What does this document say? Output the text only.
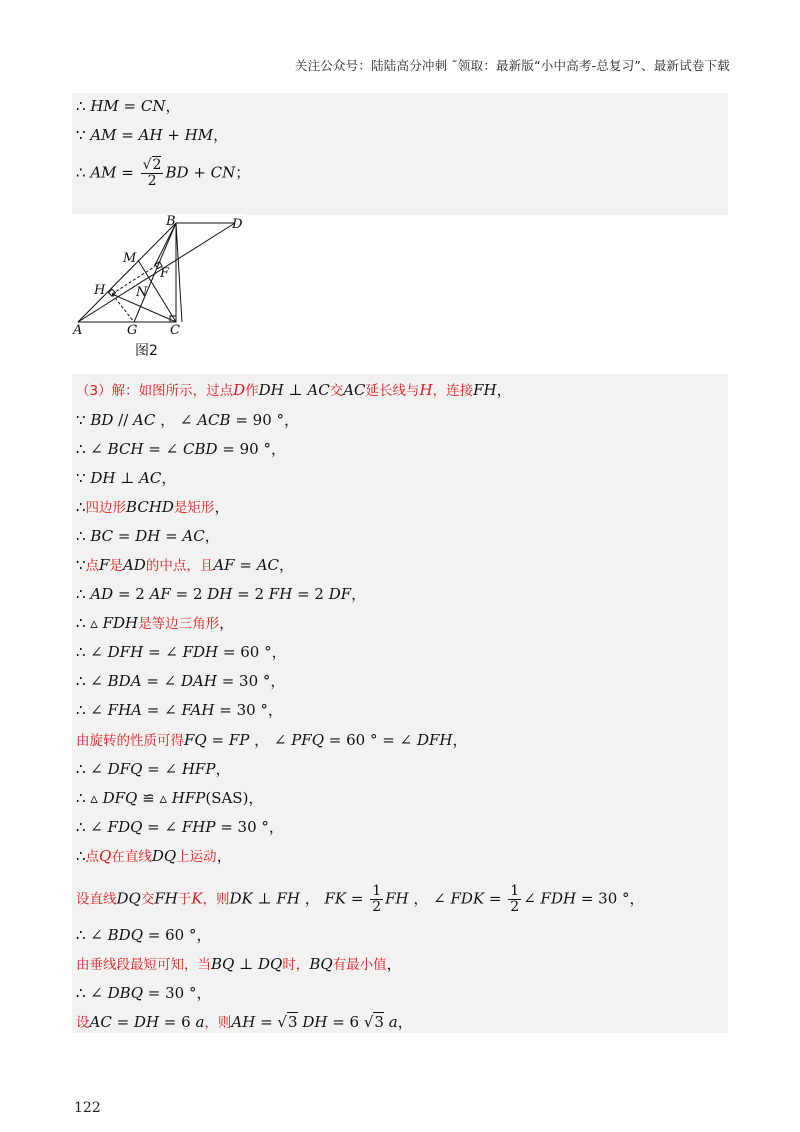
关注公众号：陆陆高分冲刺 ˜领取：最新版“小中高考-总复习”、最新试卷下载
∴ HM = CN，
∵ AM = AH + HM，
∴ AM = $\frac{√2}{2}$ BD + CN；
B	D
M
F
H N
A	G	C
图2
（3）解：如图所示，过点D作DH ⊥ AC交AC延长线与H，连接FH，
∵ BD // AC ， ∠ ACB = 90 °，
∴ ∠ BCH = ∠ CBD = 90 °，
∵ DH ⊥ AC，
∴四边形BCHD是矩形，
∴ BC = DH = AC，
∵点F是AD的中点，且AF = AC，
∴ AD = 2 AF = 2 DH = 2 FH = 2 DF，
∴ ▵ FDH是等边三角形，
∴ ∠ DFH = ∠ FDH = 60 °，
∴ ∠ BDA = ∠ DAH = 30 °，
∴ ∠ FHA = ∠ FAH = 30 °，
由旋转的性质可得FQ = FP ， ∠ PFQ = 60 ° = ∠ DFH，
∴ ∠ DFQ = ∠ HFP，
∴ ▵ DFQ ≌ ▵ HFP(SAS)，
∴ ∠ FDQ = ∠ FHP = 30 °，
∴点Q在直线DQ上运动，
设直线DQ交FH于K，则DK ⊥ FH ， FK = $\frac{1}{2}$ FH ， ∠ FDK = $\frac{1}{2}$ ∠ FDH = 30 °，
∴ ∠ BDQ = 60 °，
由垂线段最短可知，当BQ ⊥ DQ时，BQ有最小值，
∴ ∠ DBQ = 30 °，
设AC = DH = 6 a，则AH = √3 DH = 6 √3 a，
122
